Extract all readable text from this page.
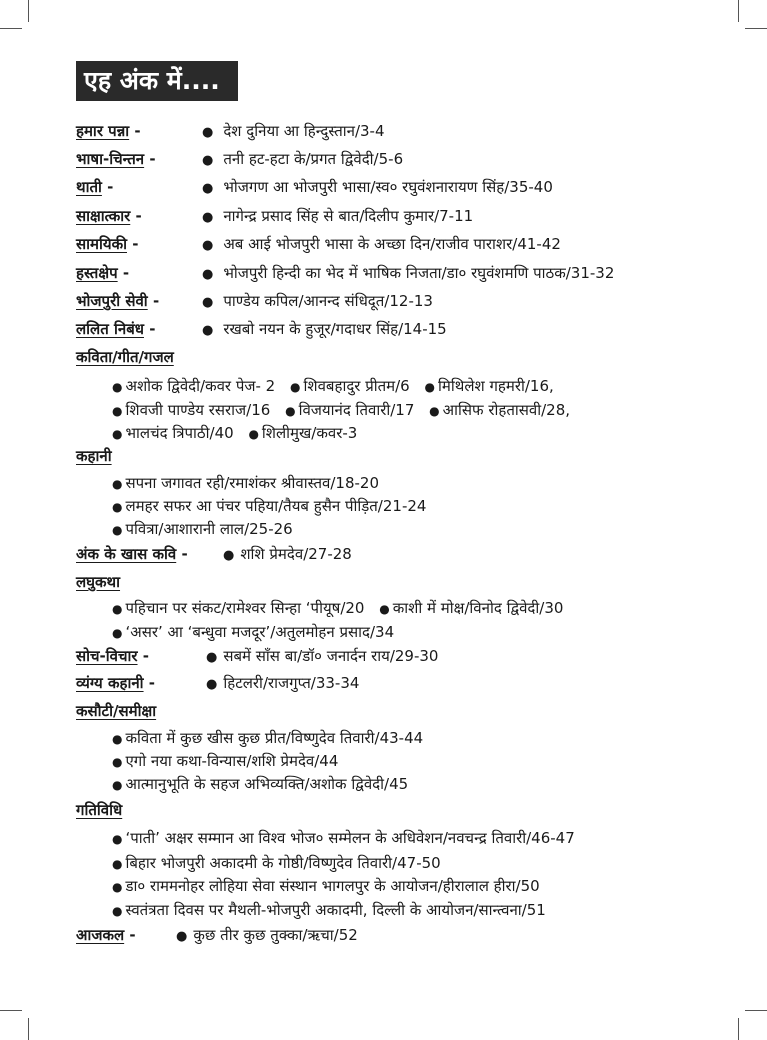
एह अंक में....
हमार पन्ना -	● देश दुनिया आ हिन्दुस्तान/3-4
भाषा-चिन्तन -	● तनी हट-हटा के/प्रगत द्विवेदी/5-6
थाती -	● भोजगण आ भोजपुरी भासा/स्व० रघुवंशनारायण सिंह/35-40
साक्षात्कार -	● नागेन्द्र प्रसाद सिंह से बात/दिलीप कुमार/7-11
सामयिकी -	● अब आई भोजपुरी भासा के अच्छा दिन/राजीव पाराशर/41-42
हस्तक्षेप -	● भोजपुरी हिन्दी का भेद में भाषिक निजता/डा० रघुवंशमणि पाठक/31-32
भोजपुरी सेवी -	● पाण्डेय कपिल/आनन्द संधिदूत/12-13
ललित निबंध -	● रखबो नयन के हुजूर/गदाधर सिंह/14-15
कविता/गीत/गजल
● अशोक द्विवेदी/कवर पेज- 2 ● शिवबहादुर प्रीतम/6 ● मिथिलेश गहमरी/16,
● शिवजी पाण्डेय रसराज/16 ● विजयानंद तिवारी/17 ● आसिफ रोहतासवी/28,
● भालचंद त्रिपाठी/40 ● शिलीमुख/कवर-3
कहानी
● सपना जगावत रही/रमाशंकर श्रीवास्तव/18-20
● लमहर सफर आ पंचर पहिया/तैयब हुसैन पीड़ित/21-24
● पवित्रा/आशारानी लाल/25-26
अंक के खास कवि -	● शशि प्रेमदेव/27-28
लघुकथा
● पहिचान पर संकट/रामेश्वर सिन्हा ‘पीयूष/20 ● काशी में मोक्ष/विनोद द्विवेदी/30
● ‘असर’ आ ‘बन्धुवा मजदूर’/अतुलमोहन प्रसाद/34
सोच-विचार -	● सबमें साँस बा/डॉ० जनार्दन राय/29-30
व्यंग्य कहानी -	● हिटलरी/राजगुप्त/33-34
कसौटी/समीक्षा
● कविता में कुछ खीस कुछ प्रीत/विष्णुदेव तिवारी/43-44
● एगो नया कथा-विन्यास/शशि प्रेमदेव/44
● आत्मानुभूति के सहज अभिव्यक्ति/अशोक द्विवेदी/45
गतिविधि
● ‘पाती’ अक्षर सम्मान आ विश्व भोज० सम्मेलन के अधिवेशन/नवचन्द्र तिवारी/46-47
● बिहार भोजपुरी अकादमी के गोष्ठी/विष्णुदेव तिवारी/47-50
● डा० राममनोहर लोहिया सेवा संस्थान भागलपुर के आयोजन/हीरालाल हीरा/50
● स्वतंत्रता दिवस पर मैथली-भोजपुरी अकादमी, दिल्ली के आयोजन/सान्त्वना/51
आजकल -	● कुछ तीर कुछ तुक्का/ऋचा/52
